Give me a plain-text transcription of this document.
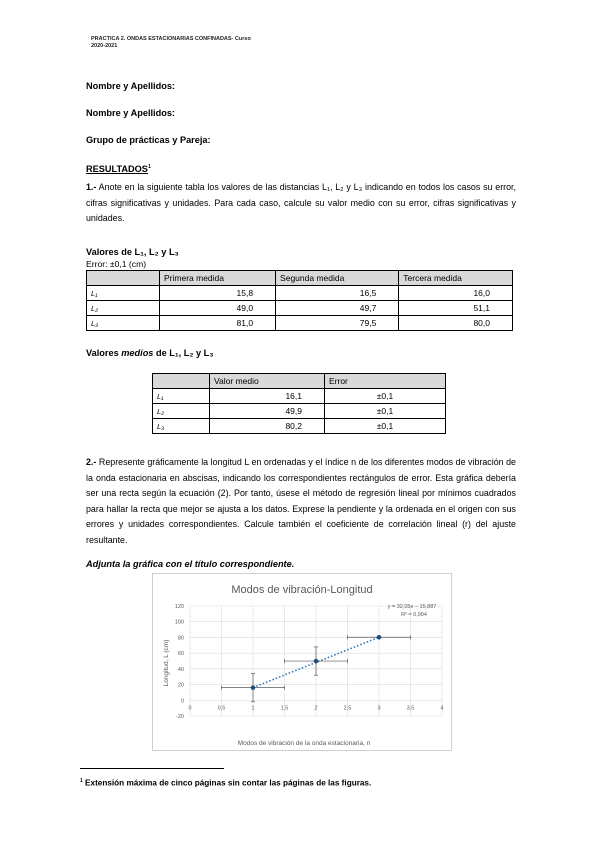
PRACTICA 2. ONDAS ESTACIONARIAS CONFINADAS- Curso
2020-2021
Nombre y Apellidos:
Nombre y Apellidos:
Grupo de prácticas y Pareja:
RESULTADOS$^1$
1.- Anote en la siguiente tabla los valores de las distancias L₁, L₂ y L₃ indicando en todos los casos su error, cifras significativas y unidades. Para cada caso, calcule su valor medio con su error, cifras significativas y unidades.
Valores de L₁, L₂ y L₃
Error: ±0,1 (cm)
	Primera medida	Segunda medida	Tercera medida
L₁	15,8	16,5	16,0
L₂	49,0	49,7	51,1
L₃	81,0	79,5	80,0
Valores medios de L₁, L₂ y L₃
	Valor medio	Error
L₁	16,1	±0,1
L₂	49,9	±0,1
L₃	80,2	±0,1
2.- Represente gráficamente la longitud L en ordenadas y el índice n de los diferentes modos de vibración de la onda estacionaria en abscisas, indicando los correspondientes rectángulos de error. Esta gráfica debería ser una recta según la ecuación (2). Por tanto, úsese el método de regresión lineal por mínimos cuadrados para hallar la recta que mejor se ajusta a los datos. Exprese la pendiente y la ordenada en el origen con sus errores y unidades correspondientes. Calcule también el coeficiente de correlación lineal (r) del ajuste resultante.
Adjunta la gráfica con el título correspondiente.
Modos de vibración-Longitud
-20
0
20
40
60
80
100
120
0	0,5	1	1,5	2	2,5	3	3,5	4
y = 32,05x − 15,887
R² = 0,994
Longitud, L (cm)
Modos de vibración de la onda estacionaria, n
$^1$ Extensión máxima de cinco páginas sin contar las páginas de las figuras.
